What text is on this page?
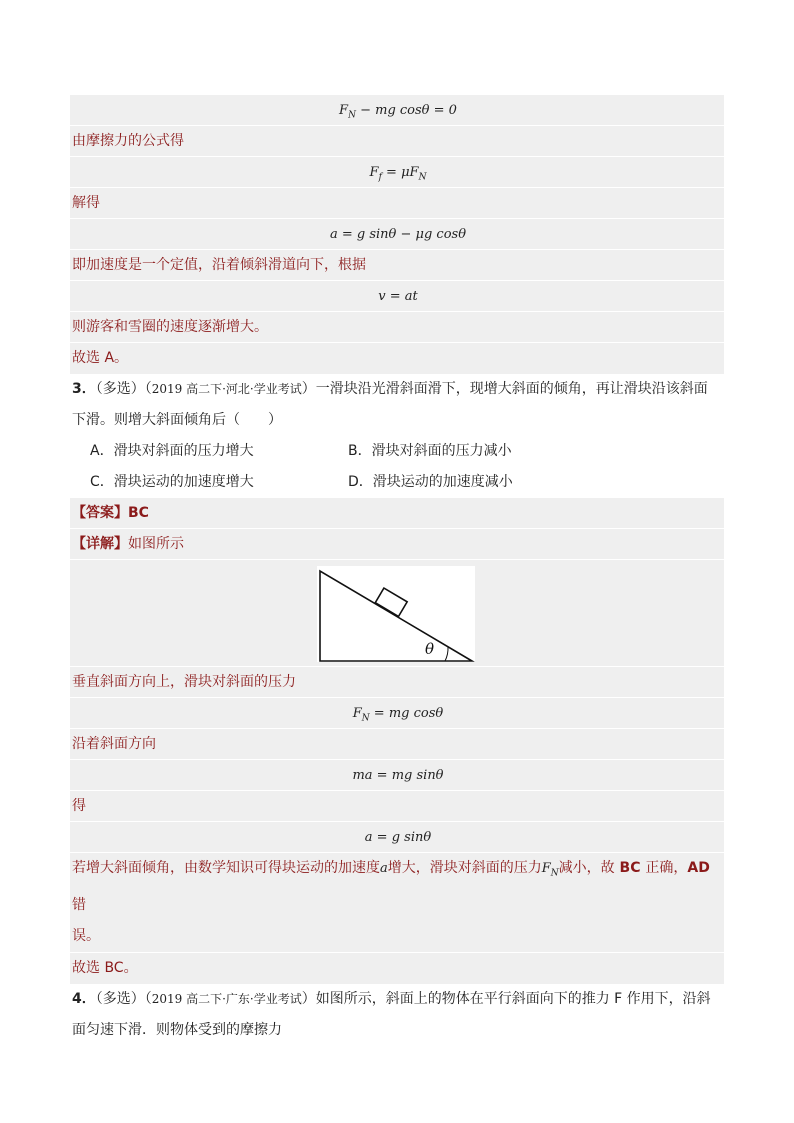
$F_N$ − mg cosθ = 0
由摩擦力的公式得
$F_f = \mu F_N$
解得
a = g sinθ − μg cosθ
即加速度是一个定值，沿着倾斜滑道向下，根据
v = at
则游客和雪圈的速度逐渐增大。
故选 A。
3．（多选）（2019 高二下·河北·学业考试）一滑块沿光滑斜面滑下，现增大斜面的倾角，再让滑块沿该斜面
下滑。则增大斜面倾角后（　　）
A．滑块对斜面的压力增大	B．滑块对斜面的压力减小
C．滑块运动的加速度增大	D．滑块运动的加速度减小
【答案】BC
【详解】如图所示
θ
垂直斜面方向上，滑块对斜面的压力
$F_N$ = mg cosθ
沿着斜面方向
ma = mg sinθ
得
a = g sinθ
若增大斜面倾角，由数学知识可得块运动的加速度a增大，滑块对斜面的压力$F_N$减小，故 BC 正确，AD 错
误。
故选 BC。
4．（多选）（2019 高二下·广东·学业考试）如图所示，斜面上的物体在平行斜面向下的推力 F 作用下，沿斜
面匀速下滑．则物体受到的摩擦力
